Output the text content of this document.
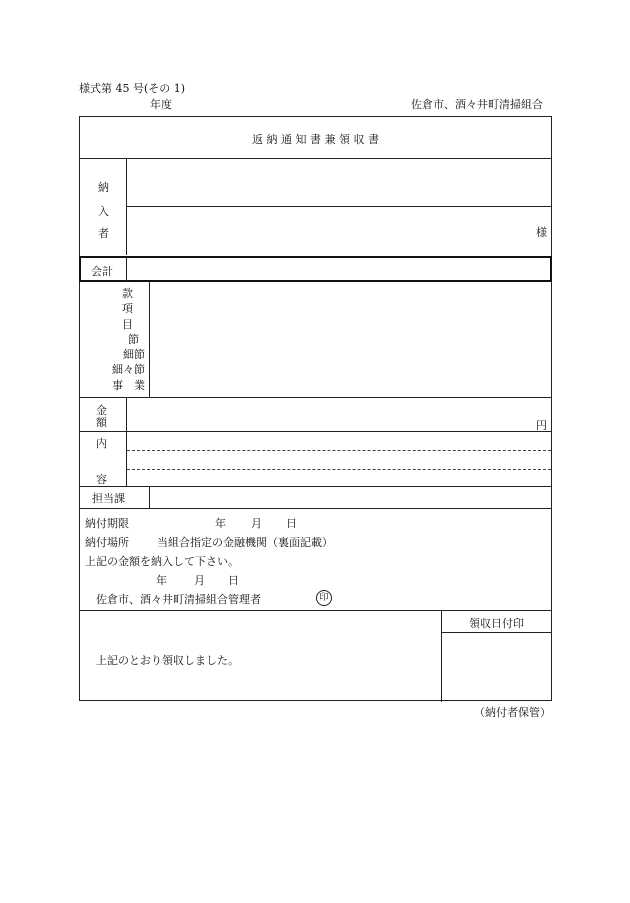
様式第 45 号(その 1)
年度	佐倉市、酒々井町清掃組合
返 納 通 知 書 兼 領 収 書
納
入
者	様
会計
款
項
目
節
細節
細々節
事　業
金
額	円
内
容
担当課
納付期限	年 月 日
納付場所	当組合指定の金融機関（裏面記載）
上記の金額を納入して下さい。
年 月 日
佐倉市、酒々井町清掃組合管理者	印
領収日付印
上記のとおり領収しました。
（納付者保管）
